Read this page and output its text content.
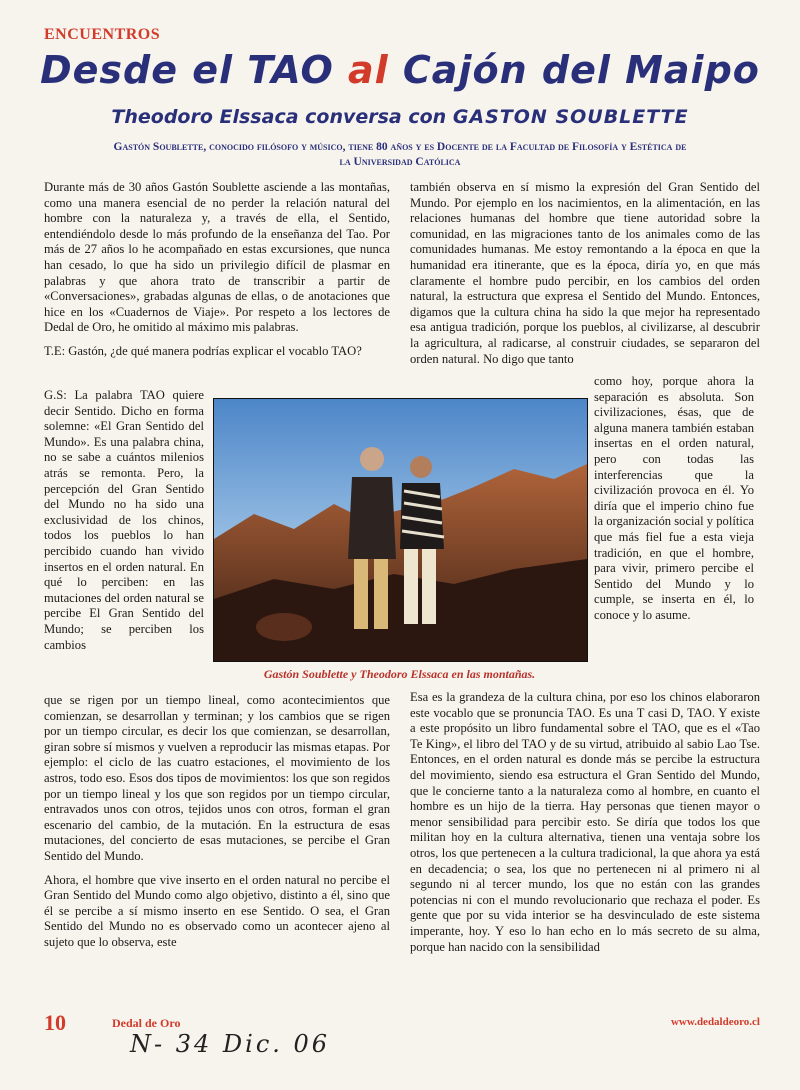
ENCUENTROS
Desde el TAO al Cajón del Maipo
Theodoro Elssaca conversa con GASTON SOUBLETTE
Gastón Soublette, conocido filósofo y músico, tiene 80 años y es Docente de la Facultad de Filosofía y Estética de la Universidad Católica

Durante más de 30 años Gastón Soublette asciende a las montañas, como una manera esencial de no perder la relación natural del hombre con la naturaleza y, a través de ella, el Sentido, entendiéndolo desde lo más profundo de la enseñanza del Tao. Por más de 27 años lo he acompañado en estas excursiones, que nunca han cesado, lo que ha sido un privilegio difícil de plasmar en palabras y que ahora trato de transcribir a partir de «Conversaciones», grabadas algunas de ellas, o de anotaciones que hice en los «Cuadernos de Viaje». Por respeto a los lectores de Dedal de Oro, he omitido al máximo mis palabras.

T.E: Gastón, ¿de qué manera podrías explicar el vocablo TAO?

también observa en sí mismo la expresión del Gran Sentido del Mundo. Por ejemplo en los nacimientos, en la alimentación, en las relaciones humanas del hombre que tiene autoridad sobre la comunidad, en las migraciones tanto de los animales como de las comunidades humanas. Me estoy remontando a la época en que la humanidad era itinerante, que es la época, diría yo, en que más claramente el hombre pudo percibir, en los cambios del orden natural, la estructura que expresa el Sentido del Mundo. Entonces, digamos que la cultura china ha sido la que mejor ha representado esa antigua tradición, porque los pueblos, al civilizarse, al descubrir la agricultura, al radicarse, al construir ciudades, se separaron del orden natural. No digo que tanto

G.S: La palabra TAO quiere decir Sentido. Dicho en forma solemne: «El Gran Sentido del Mundo». Es una palabra china, no se sabe a cuántos milenios atrás se remonta. Pero, la percepción del Gran Sentido del Mundo no ha sido una exclusividad de los chinos, todos los pueblos lo han percibido cuando han vivido insertos en el orden natural. En qué lo perciben: en las mutaciones del orden natural se percibe El Gran Sentido del Mundo; se perciben los cambios

Gastón Soublette y Theodoro Elssaca en las montañas.

como hoy, porque ahora la separación es absoluta. Son civilizaciones, ésas, que de alguna manera también estaban insertas en el orden natural, pero con todas las interferencias que la civilización provoca en él. Yo diría que el imperio chino fue la organización social y política que más fiel fue a esta vieja tradición, en que el hombre, para vivir, primero percibe el Sentido del Mundo y lo cumple, se inserta en él, lo conoce y lo asume.

que se rigen por un tiempo lineal, como acontecimientos que comienzan, se desarrollan y terminan; y los cambios que se rigen por un tiempo circular, es decir los que comienzan, se desarrollan, giran sobre sí mismos y vuelven a reproducir las mismas etapas. Por ejemplo: el ciclo de las cuatro estaciones, el movimiento de los astros, todo eso. Esos dos tipos de movimientos: los que son regidos por un tiempo lineal y los que son regidos por un tiempo circular, entravados unos con otros, tejidos unos con otros, forman el gran escenario del cambio, de la mutación. En la estructura de esas mutaciones, del concierto de esas mutaciones, se percibe el Gran Sentido del Mundo.

Ahora, el hombre que vive inserto en el orden natural no percibe el Gran Sentido del Mundo como algo objetivo, distinto a él, sino que él se percibe a sí mismo inserto en ese Sentido. O sea, el Gran Sentido del Mundo no es observado como un acontecer ajeno al sujeto que lo observa, este

Esa es la grandeza de la cultura china, por eso los chinos elaboraron este vocablo que se pronuncia TAO. Es una T casi D, TAO. Y existe a este propósito un libro fundamental sobre el TAO, que es el «Tao Te King», el libro del TAO y de su virtud, atribuido al sabio Lao Tse. Entonces, en el orden natural es donde más se percibe la estructura del movimiento, siendo esa estructura el Gran Sentido del Mundo, que le concierne tanto a la naturaleza como al hombre, en cuanto el hombre es un hijo de la tierra. Hay personas que tienen mayor o menor sensibilidad para percibir esto. Se diría que todos los que militan hoy en la cultura alternativa, tienen una ventaja sobre los otros, los que pertenecen a la cultura tradicional, la que ahora ya está en decadencia; o sea, los que no pertenecen ni al primero ni al segundo ni al tercer mundo, los que no están con las grandes potencias ni con el mundo revolucionario que rechaza el poder. Es gente que por su vida interior se ha desvinculado de este sistema imperante, hoy. Y eso lo han echo en lo más secreto de su alma, porque han nacido con la sensibilidad

10	Dedal de Oro	www.dedaldeoro.cl
N- 34 Dic. 06
